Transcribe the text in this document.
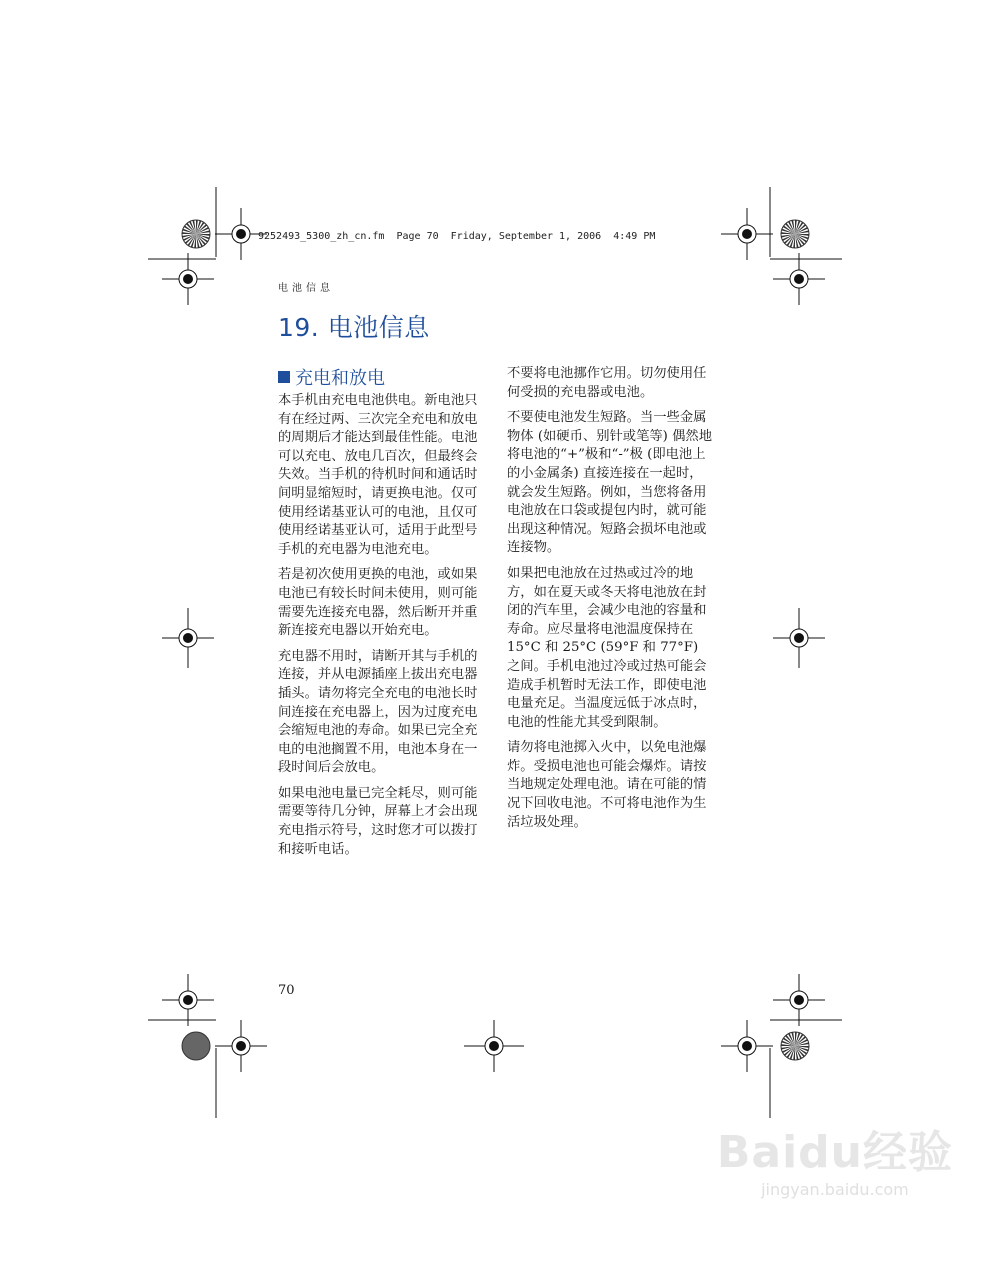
9252493_5300_zh_cn.fm  Page 70  Friday, September 1, 2006  4:49 PM
电池信息
19. 电池信息
充电和放电

本手机由充电电池供电。新电池只有在经过两、三次完全充电和放电的周期后才能达到最佳性能。电池可以充电、放电几百次，但最终会失效。当手机的待机时间和通话时间明显缩短时，请更换电池。仅可使用经诺基亚认可的电池，且仅可使用经诺基亚认可，适用于此型号手机的充电器为电池充电。

若是初次使用更换的电池，或如果电池已有较长时间未使用，则可能需要先连接充电器，然后断开并重新连接充电器以开始充电。

充电器不用时，请断开其与手机的连接，并从电源插座上拔出充电器插头。请勿将完全充电的电池长时间连接在充电器上，因为过度充电会缩短电池的寿命。如果已完全充电的电池搁置不用，电池本身在一段时间后会放电。

如果电池电量已完全耗尽，则可能需要等待几分钟，屏幕上才会出现充电指示符号，这时您才可以拨打和接听电话。

不要将电池挪作它用。切勿使用任何受损的充电器或电池。

不要使电池发生短路。当一些金属物体 (如硬币、别针或笔等) 偶然地将电池的“+”极和“-”极 (即电池上的小金属条) 直接连接在一起时，就会发生短路。例如，当您将备用电池放在口袋或提包内时，就可能出现这种情况。短路会损坏电池或连接物。

如果把电池放在过热或过冷的地方，如在夏天或冬天将电池放在封闭的汽车里，会减少电池的容量和寿命。应尽量将电池温度保持在 15°C 和 25°C (59°F 和 77°F) 之间。手机电池过冷或过热可能会造成手机暂时无法工作，即使电池电量充足。当温度远低于冰点时，电池的性能尤其受到限制。

请勿将电池掷入火中，以免电池爆炸。受损电池也可能会爆炸。请按当地规定处理电池。请在可能的情况下回收电池。不可将电池作为生活垃圾处理。

70
Baidu经验
jingyan.baidu.com
